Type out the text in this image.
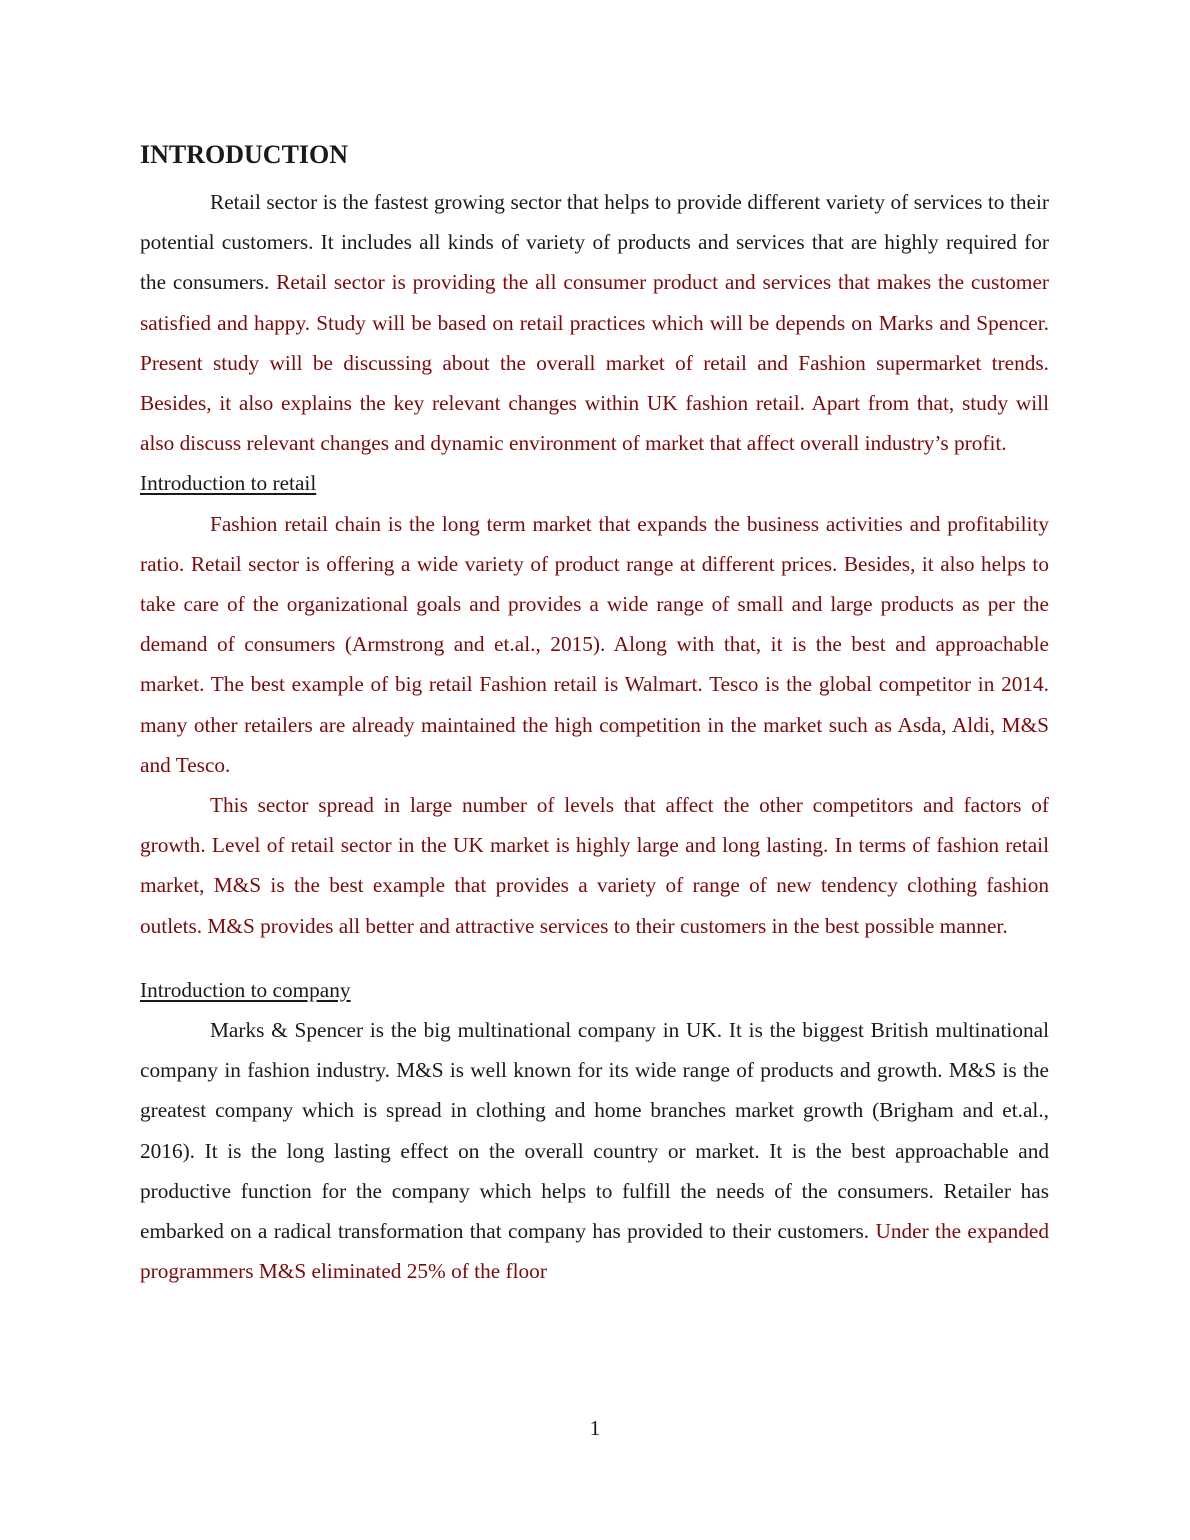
INTRODUCTION

Retail sector is the fastest growing sector that helps to provide different variety of services to their potential customers. It includes all kinds of variety of products and services that are highly required for the consumers. Retail sector is providing the all consumer product and services that makes the customer satisfied and happy. Study will be based on retail practices which will be depends on Marks and Spencer. Present study will be discussing about the overall market of retail and Fashion supermarket trends. Besides, it also explains the key relevant changes within UK fashion retail. Apart from that, study will also discuss relevant changes and dynamic environment of market that affect overall industry’s profit.

Introduction to retail

Fashion retail chain is the long term market that expands the business activities and profitability ratio. Retail sector is offering a wide variety of product range at different prices. Besides, it also helps to take care of the organizational goals and provides a wide range of small and large products as per the demand of consumers (Armstrong and et.al., 2015). Along with that, it is the best and approachable market. The best example of big retail Fashion retail is Walmart. Tesco is the global competitor in 2014. many other retailers are already maintained the high competition in the market such as Asda, Aldi, M&S and Tesco.

This sector spread in large number of levels that affect the other competitors and factors of growth. Level of retail sector in the UK market is highly large and long lasting. In terms of fashion retail market, M&S is the best example that provides a variety of range of new tendency clothing fashion outlets. M&S provides all better and attractive services to their customers in the best possible manner.

Introduction to company

Marks & Spencer is the big multinational company in UK. It is the biggest British multinational company in fashion industry. M&S is well known for its wide range of products and growth. M&S is the greatest company which is spread in clothing and home branches market growth (Brigham and et.al., 2016). It is the long lasting effect on the overall country or market. It is the best approachable and productive function for the company which helps to fulfill the needs of the consumers. Retailer has embarked on a radical transformation that company has provided to their customers. Under the expanded programmers M&S eliminated 25% of the floor

1
